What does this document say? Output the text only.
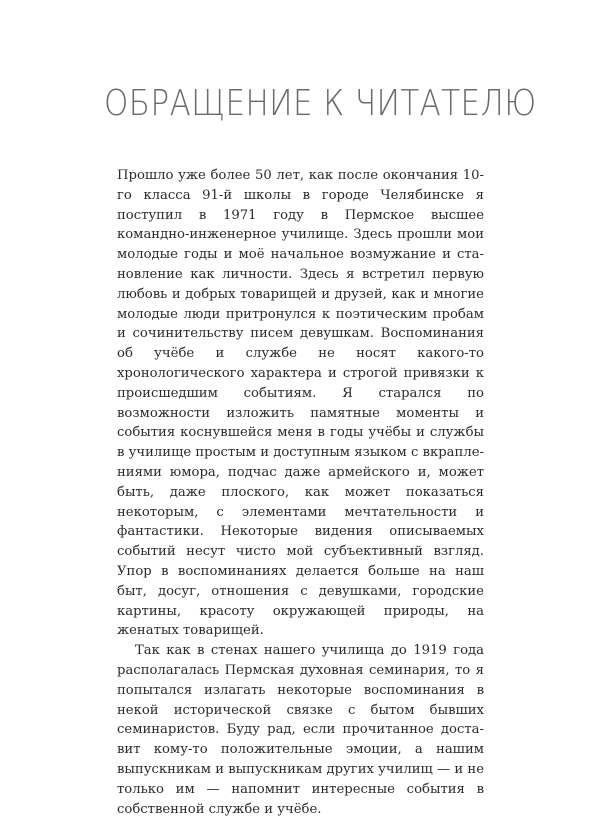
ОБРАЩЕНИЕ К ЧИТАТЕЛЮ

Прошло уже более 50 лет, как после окончания 10-го класса 91-й школы в городе Челябинске я поступил в 1971 году в Пермское высшее командно-инженерное училище. Здесь прошли мои молодые годы и моё начальное возмужание и становление как личности. Здесь я встретил первую любовь и добрых товарищей и друзей, как и многие молодые люди притронулся к поэтическим пробам и сочинительству писем девушкам. Воспоминания об учёбе и службе не носят какого-то хронологического характера и строгой привязки к происшедшим событиям. Я старался по возможности изложить памятные моменты и события коснувшейся меня в годы учёбы и службы в училище простым и доступным языком с вкраплениями юмора, подчас даже армейского и, может быть, даже плоского, как может показаться некоторым, с элементами мечтательности и фантастики. Некоторые видения описываемых событий несут чисто мой субъективный взгляд. Упор в воспоминаниях делается больше на наш быт, досуг, отношения с девушками, городские картины, красоту окружающей природы, на женатых товарищей.

Так как в стенах нашего училища до 1919 года располагалась Пермская духовная семинария, то я попытался излагать некоторые воспоминания в некой исторической связке с бытом бывших семинаристов. Буду рад, если прочитанное доставит кому-то положительные эмоции, а нашим выпускникам и выпускникам других училищ — и не только им — напомнит интересные события в собственной службе и учёбе.
